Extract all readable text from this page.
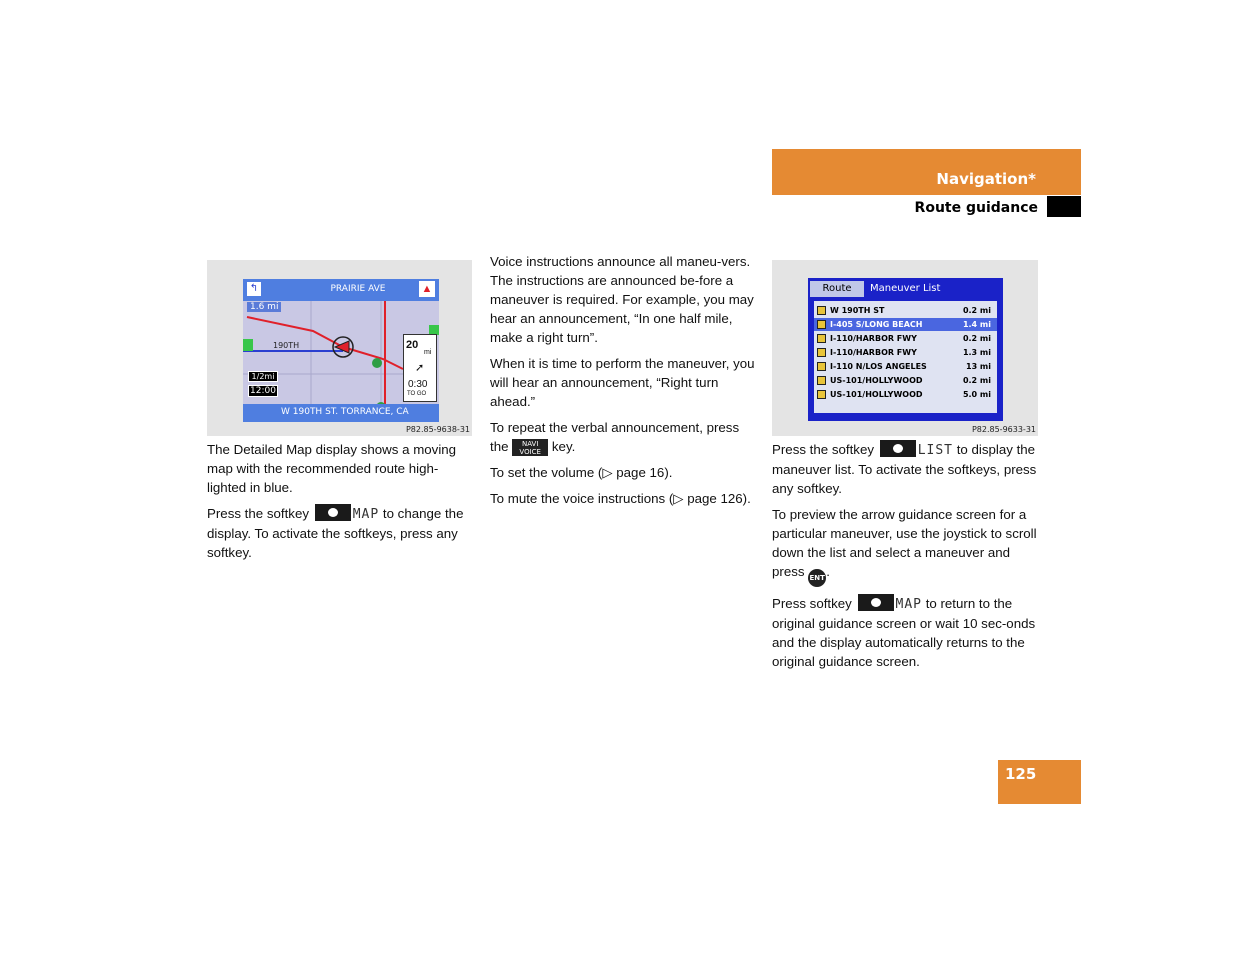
Navigation*
Route guidance
↰	▲
PRAIRIE AVE
1.6 mi
190TH
1/2mi
12:00
20
mi
➚
0:30
TO GO
W 190TH ST. TORRANCE, CA
P82.85-9638-31
Route	Maneuver List
W 190TH ST	0.2 mi
I-405 S/LONG BEACH	1.4 mi
I-110/HARBOR FWY	0.2 mi
I-110/HARBOR FWY	1.3 mi
I-110 N/LOS ANGELES	13 mi
US-101/HOLLYWOOD	0.2 mi
US-101/HOLLYWOOD	5.0 mi
P82.85-9633-31

The Detailed Map display shows a moving map with the recommended route high-lighted in blue.

Press the softkey	MAP to change the display. To activate the softkeys, press any softkey.

Voice instructions announce all maneu-vers. The instructions are announced be-fore a maneuver is required. For example, you may hear an announcement, “In one half mile, make a right turn”.

When it is time to perform the maneuver, you will hear an announcement, “Right turn ahead.”

To repeat the verbal announcement, press the NAVI
VOICE key.

To set the volume (▷ page 16).

To mute the voice instructions (▷ page 126).

Press the softkey	LIST to display the maneuver list. To activate the softkeys, press any softkey.

To preview the arrow guidance screen for a particular maneuver, use the joystick to scroll down the list and select a maneuver and press ENT.

Press softkey	MAP to return to the original guidance screen or wait 10 sec-onds and the display automatically returns to the original guidance screen.

125
